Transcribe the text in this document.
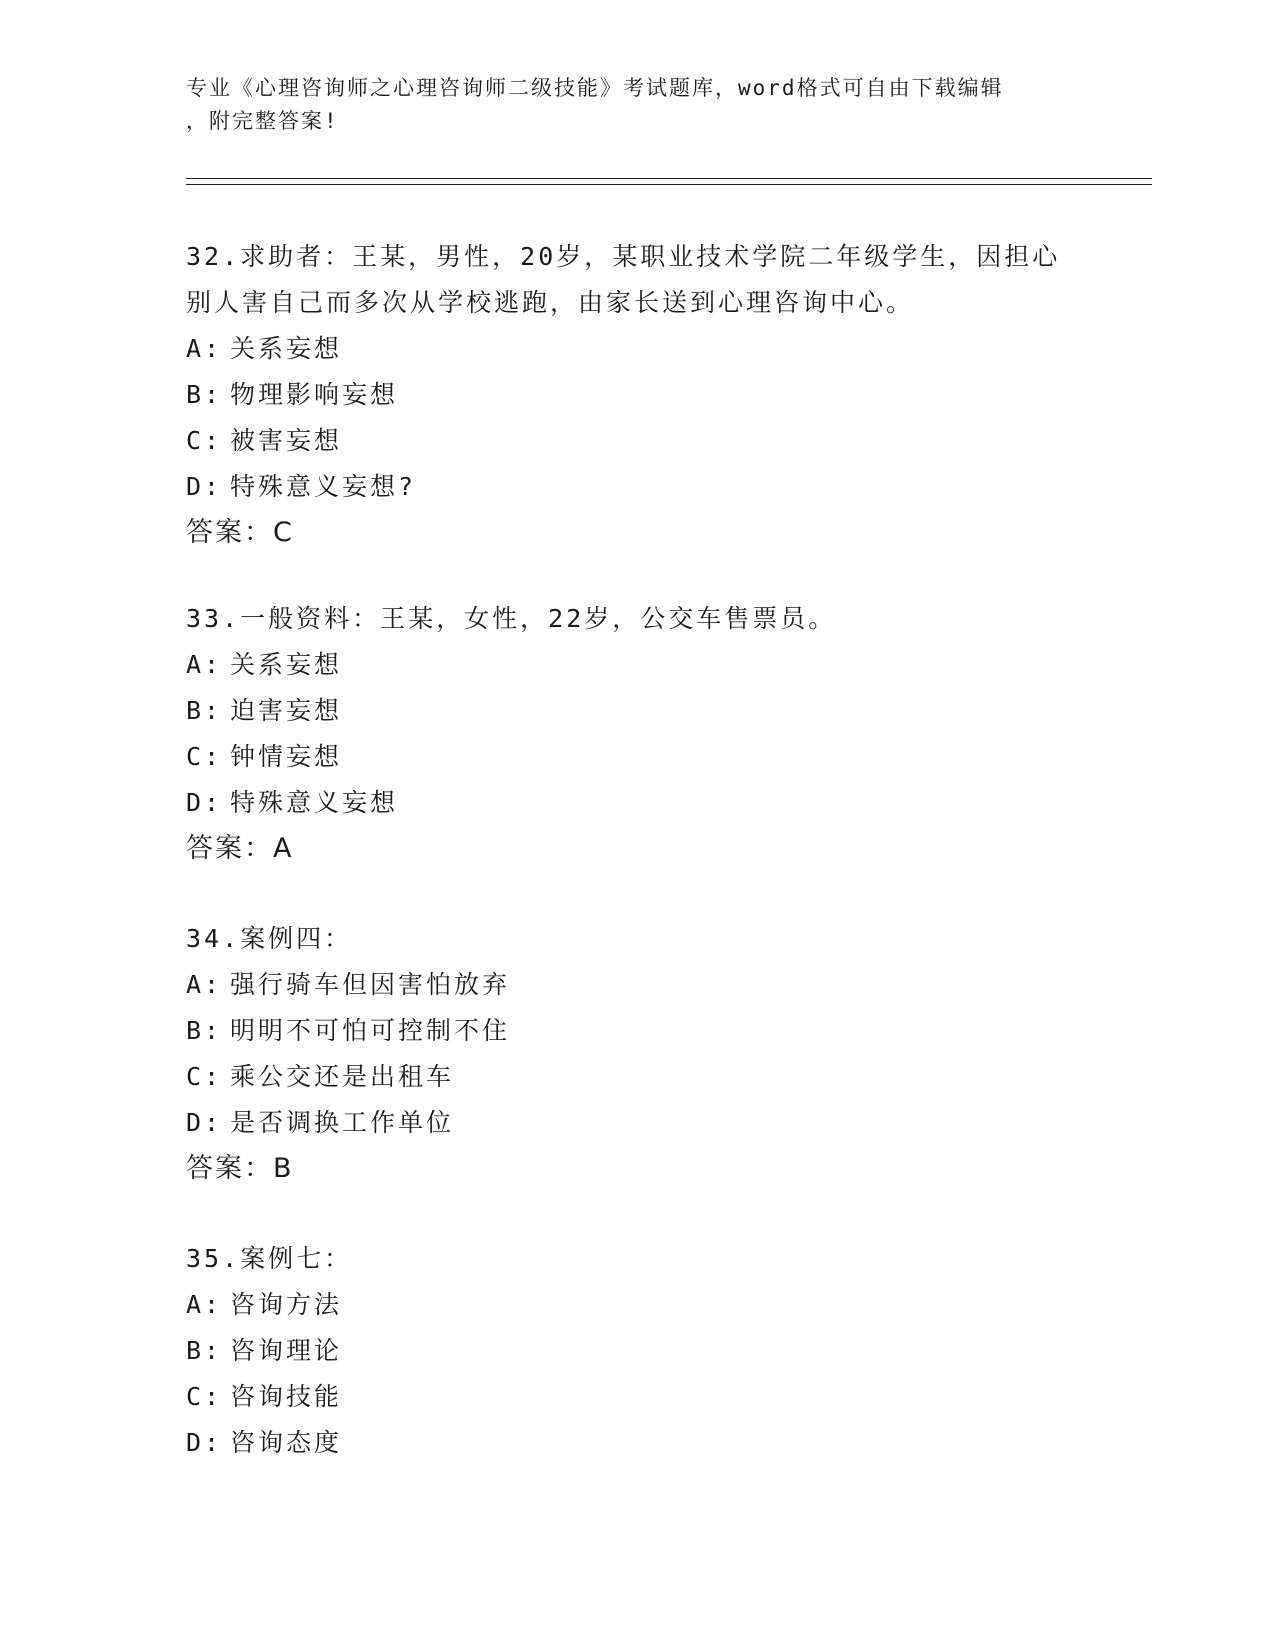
专业《心理咨询师之心理咨询师二级技能》考试题库，word格式可自由下载编辑
，附完整答案!
32.求助者：王某，男性，20岁，某职业技术学院二年级学生，因担心
别人害自己而多次从学校逃跑，由家长送到心理咨询中心。
A: 关系妄想
B: 物理影响妄想
C: 被害妄想
D: 特殊意义妄想?
答案：C
33.一般资料：王某，女性，22岁，公交车售票员。
A: 关系妄想
B: 迫害妄想
C: 钟情妄想
D: 特殊意义妄想
答案：A
34.案例四：
A: 强行骑车但因害怕放弃
B: 明明不可怕可控制不住
C: 乘公交还是出租车
D: 是否调换工作单位
答案：B
35.案例七：
A: 咨询方法
B: 咨询理论
C: 咨询技能
D: 咨询态度
